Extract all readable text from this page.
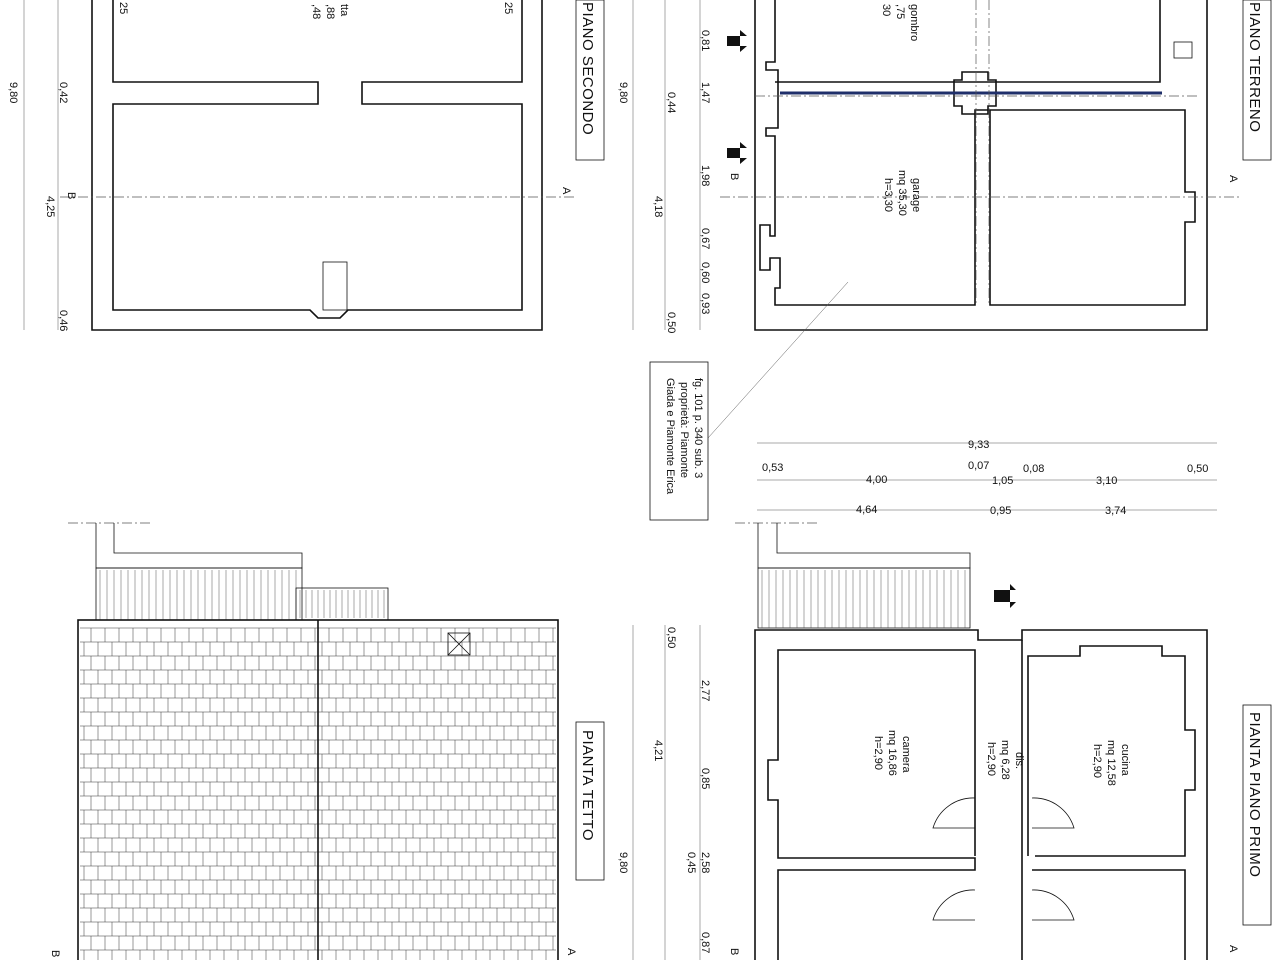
B
A
9,80	0,42
4,25
0,46
25	25
tta
,88
,48	PIANO SECONDO
B	A
9,80	0,44
4,18
0,50
0,81
1,47
1,98
0,67
0,60
0,93
gombro
,75
30
garage
mq 35,30
h=3,30
PIANO TERRENO
fg. 101 p. 340 sub. 3
proprietà: Piamonte
Giada e Piamonte Erica
B	A
PIANTA TETTO
9,80
0,50
4,21
2,77
0,85
2,58
0,45
0,87
9,33
0,53
4,00
0,07
1,05
0,08
3,10
0,50
4,64	0,95	3,74
camera
mq 16,86
h=2,90	dis.
mq 6,28
h=2,90	cucina
mq 12,58
h=2,90
B	A
PIANTA PIANO PRIMO
